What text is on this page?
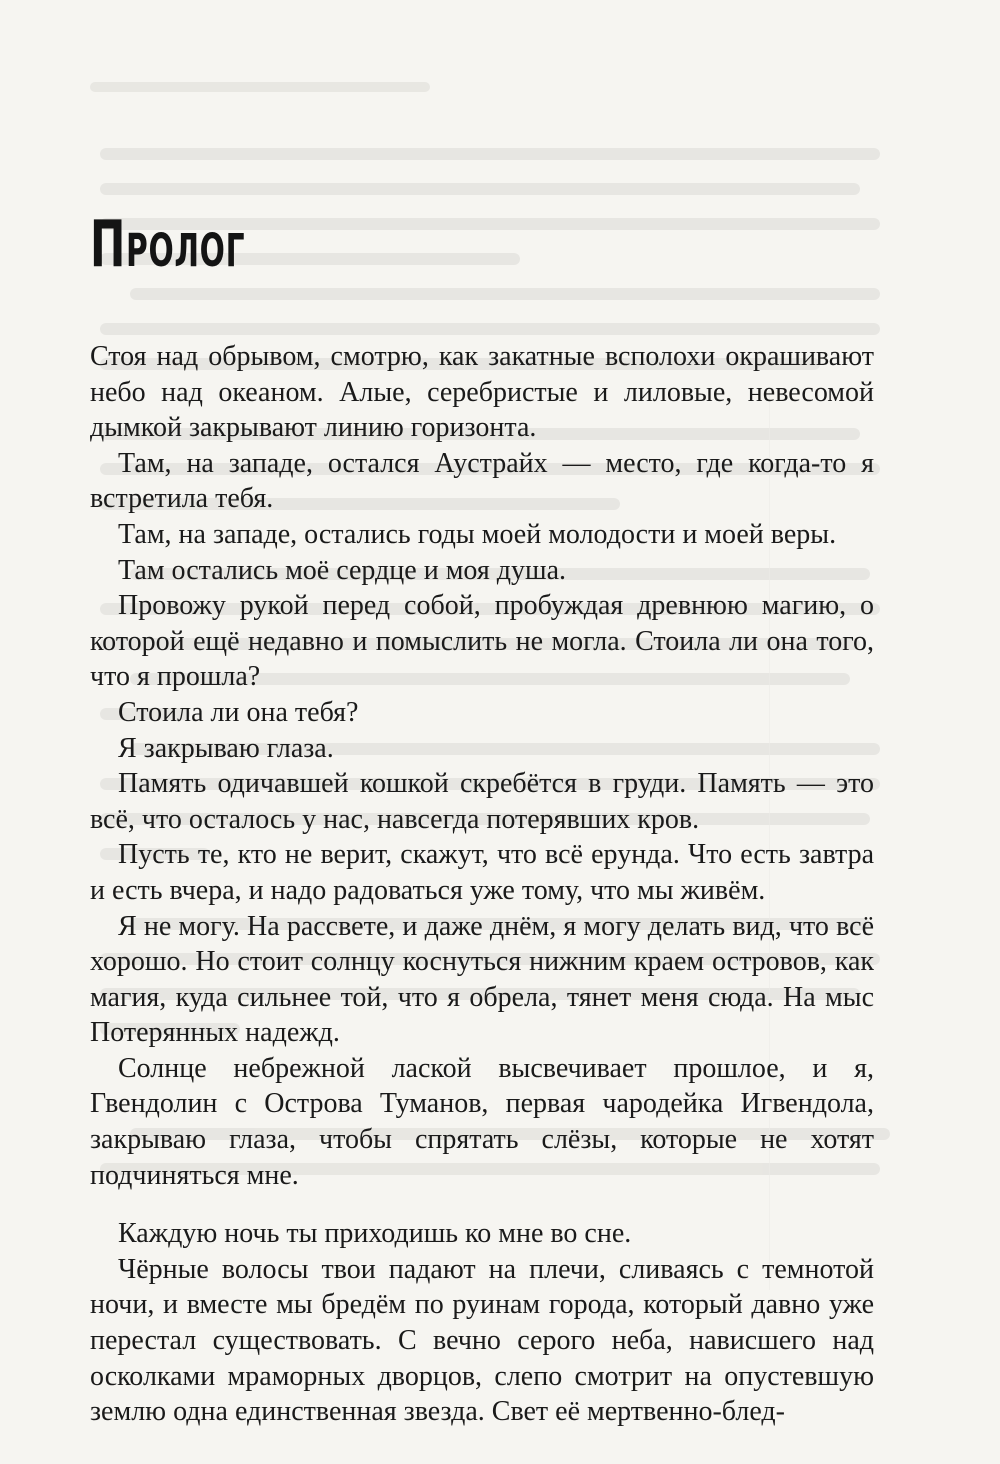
Пролог

Стоя над обрывом, смотрю, как закатные всполохи окрашивают небо над океаном. Алые, серебристые и лиловые, невесомой дымкой закрывают линию горизонта.

Там, на западе, остался Аустрайх — место, где когда-то я встретила тебя.

Там, на западе, остались годы моей молодости и моей веры.

Там остались моё сердце и моя душа.

Провожу рукой перед собой, пробуждая древнюю магию, о которой ещё недавно и помыслить не могла. Стоила ли она того, что я прошла?

Стоила ли она тебя?

Я закрываю глаза.

Память одичавшей кошкой скребётся в груди. Память — это всё, что осталось у нас, навсегда потерявших кров.

Пусть те, кто не верит, скажут, что всё ерунда. Что есть завтра и есть вчера, и надо радоваться уже тому, что мы живём.

Я не могу. На рассвете, и даже днём, я могу делать вид, что всё хорошо. Но стоит солнцу коснуться нижним краем островов, как магия, куда сильнее той, что я обрела, тянет меня сюда. На мыс Потерянных надежд.

Солнце небрежной лаской высвечивает прошлое, и я, Гвендолин с Острова Туманов, первая чародейка Игвендола, закрываю глаза, чтобы спрятать слёзы, которые не хотят подчиняться мне.

Каждую ночь ты приходишь ко мне во сне.

Чёрные волосы твои падают на плечи, сливаясь с темнотой ночи, и вместе мы бредём по руинам города, который давно уже перестал существовать. С вечно серого неба, нависшего над осколками мраморных дворцов, слепо смотрит на опустевшую землю одна единственная звезда. Свет её мертвенно-блед-
